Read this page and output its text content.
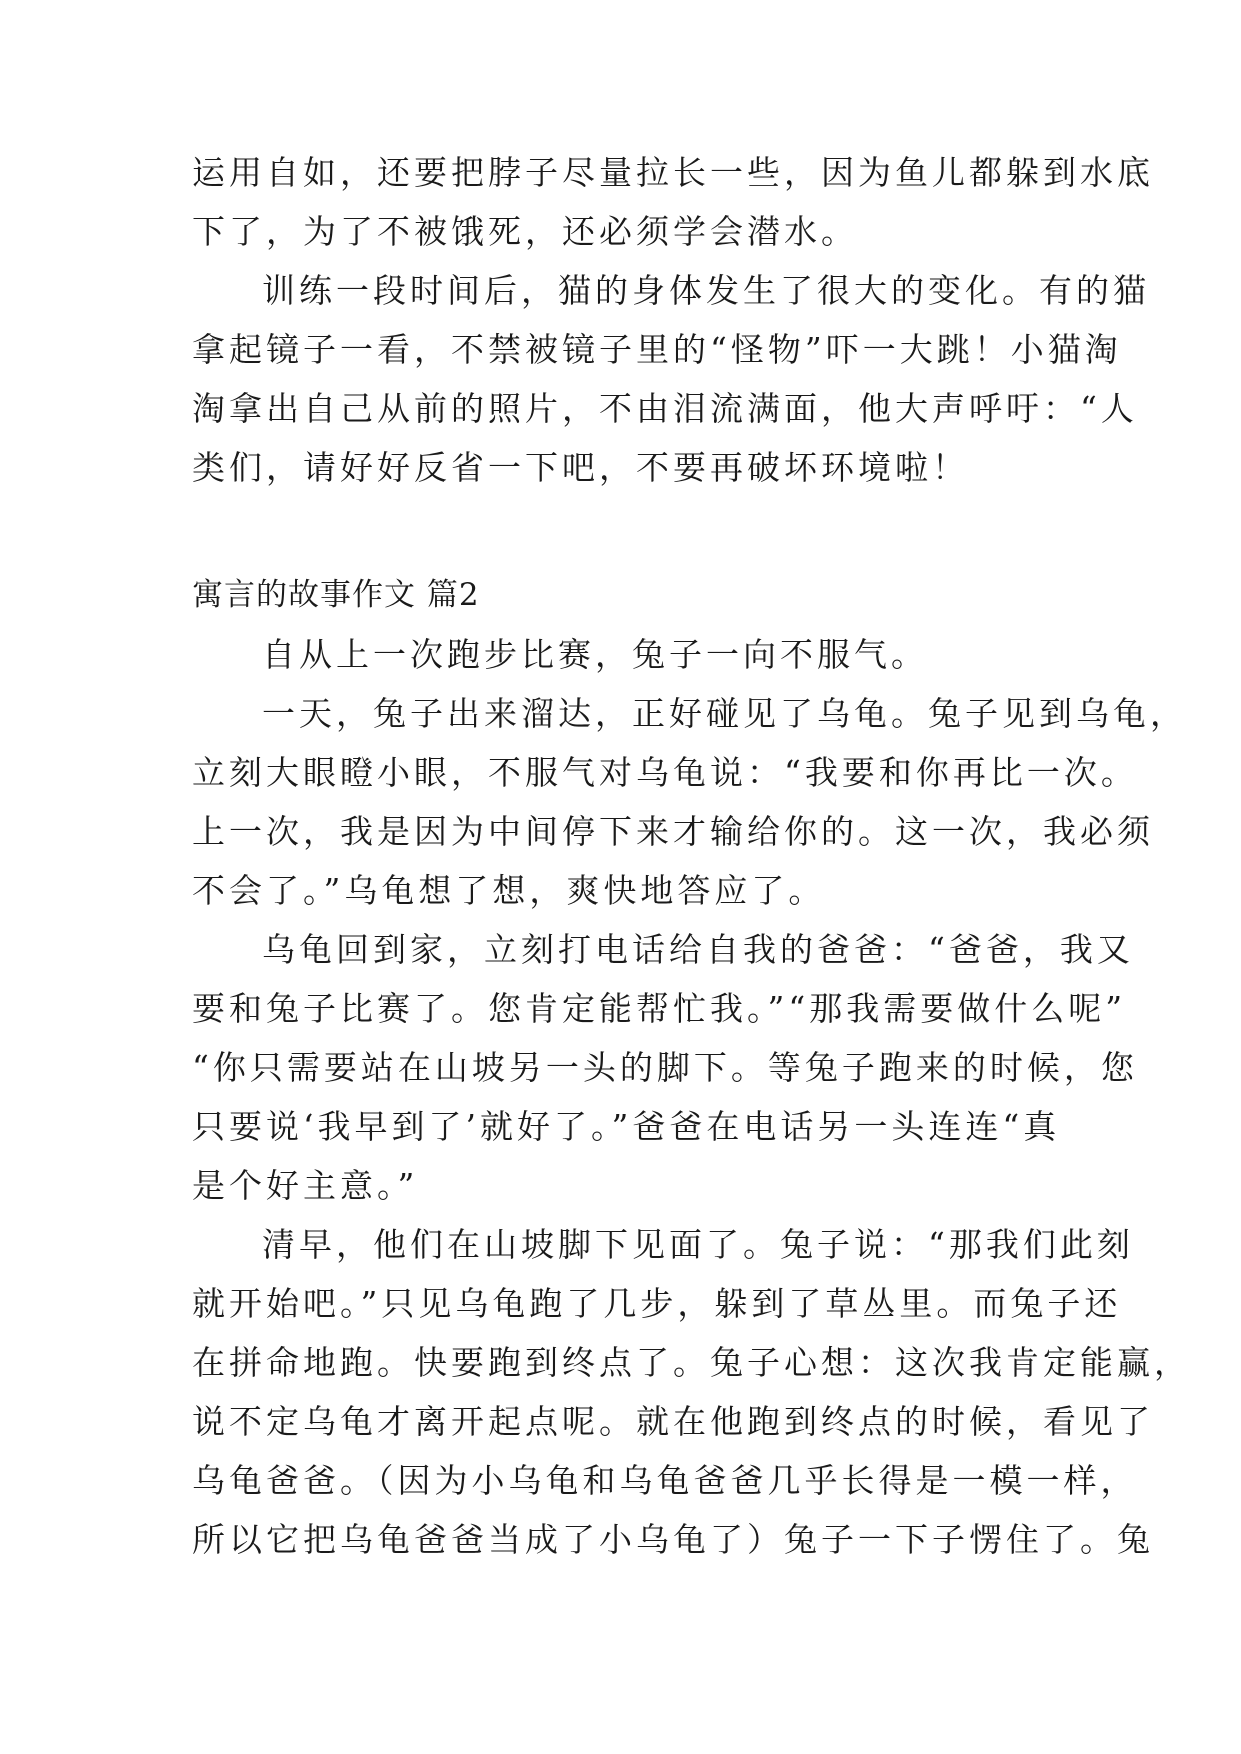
运用自如，还要把脖子尽量拉长一些，因为鱼儿都躲到水底
下了，为了不被饿死，还必须学会潜水。
训练一段时间后，猫的身体发生了很大的变化。有的猫
拿起镜子一看，不禁被镜子里的“怪物”吓一大跳！小猫淘
淘拿出自己从前的照片，不由泪流满面，他大声呼吁：“人
类们，请好好反省一下吧，不要再破坏环境啦！
寓言的故事作文 篇2
自从上一次跑步比赛，兔子一向不服气。
一天，兔子出来溜达，正好碰见了乌龟。兔子见到乌龟，
立刻大眼瞪小眼，不服气对乌龟说：“我要和你再比一次。
上一次，我是因为中间停下来才输给你的。这一次，我必须
不会了。”乌龟想了想，爽快地答应了。
乌龟回到家，立刻打电话给自我的爸爸：“爸爸，我又
要和兔子比赛了。您肯定能帮忙我。”“那我需要做什么呢”
“你只需要站在山坡另一头的脚下。等兔子跑来的时候，您
只要说‘我早到了’就好了。”爸爸在电话另一头连连“真
是个好主意。”
清早，他们在山坡脚下见面了。兔子说：“那我们此刻
就开始吧。”只见乌龟跑了几步，躲到了草丛里。而兔子还
在拼命地跑。快要跑到终点了。兔子心想：这次我肯定能赢，
说不定乌龟才离开起点呢。就在他跑到终点的时候，看见了
乌龟爸爸。（因为小乌龟和乌龟爸爸几乎长得是一模一样，
所以它把乌龟爸爸当成了小乌龟了）兔子一下子愣住了。兔
